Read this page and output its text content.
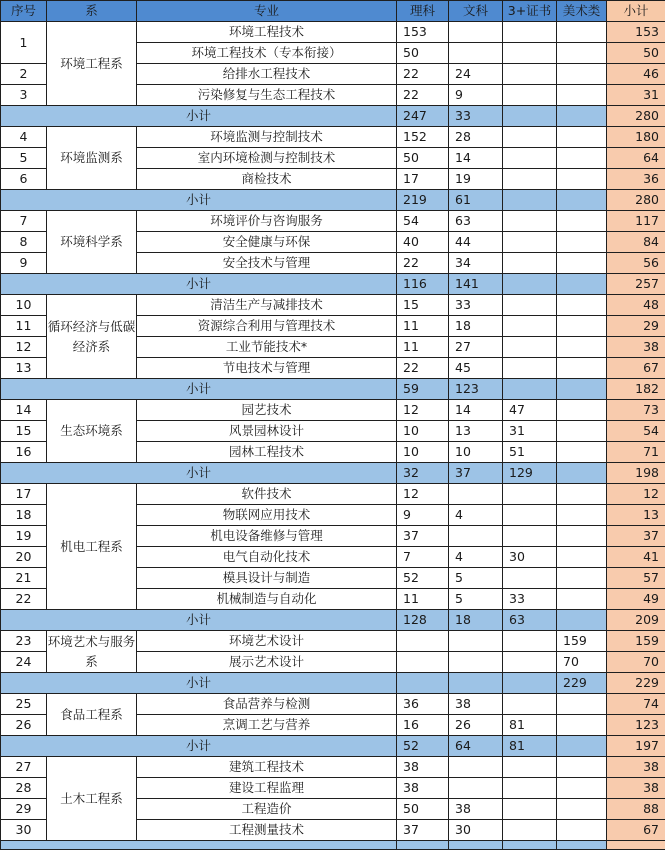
序号	系	专业	理科	文科	3+证书	美术类	小计
1	环境工程系	环境工程技术	153				153
		环境工程技术（专本衔接）	50				50
2		给排水工程技术	22	24			46
3		污染修复与生态工程技术	22	9			31
小计			247	33			280
4	环境监测系	环境监测与控制技术	152	28			180
5		室内环境检测与控制技术	50	14			64
6		商检技术	17	19			36
小计			219	61			280
7	环境科学系	环境评价与咨询服务	54	63			117
8		安全健康与环保	40	44			84
9		安全技术与管理	22	34			56
小计			116	141			257
10	循环经济与低碳经济系	清洁生产与减排技术	15	33			48
11		资源综合利用与管理技术	11	18			29
12		工业节能技术*	11	27			38
13		节电技术与管理	22	45			67
小计			59	123			182
14	生态环境系	园艺技术	12	14	47		73
15		风景园林设计	10	13	31		54
16		园林工程技术	10	10	51		71
小计			32	37	129		198
17	机电工程系	软件技术	12				12
18		物联网应用技术	9	4			13
19		机电设备维修与管理	37				37
20		电气自动化技术	7	4	30		41
21		模具设计与制造	52	5			57
22		机械制造与自动化	11	5	33		49
小计			128	18	63		209
23	环境艺术与服务系	环境艺术设计				159	159
24		展示艺术设计				70	70
小计						229	229
25	食品工程系	食品营养与检测	36	38			74
26		烹调工艺与营养	16	26	81		123
小计			52	64	81		197
27	土木工程系	建筑工程技术	38				38
28		建设工程监理	38				38
29		工程造价	50	38			88
30		工程测量技术	37	30			67
